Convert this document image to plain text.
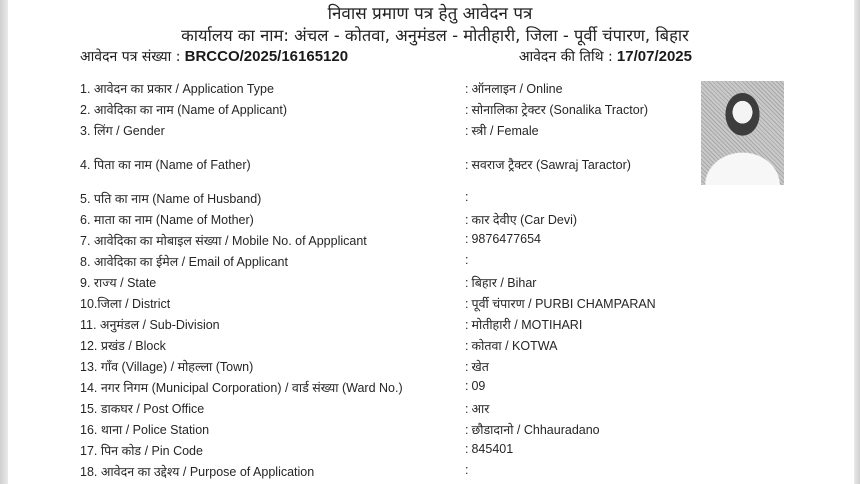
निवास प्रमाण पत्र हेतु आवेदन पत्र
कार्यालय का नाम: अंचल - कोतवा, अनुमंडल - मोतीहारी, जिला - पूर्वी चंपारण, बिहार
आवेदन पत्र संख्या : BRCCO/2025/16165120	आवेदन की तिथि : 17/07/2025
1. आवेदन का प्रकार / Application Type	: ऑनलाइन / Online
2. आवेदिका का नाम (Name of Applicant)	: सोनालिका ट्रेक्टर (Sonalika Tractor)
3. लिंग / Gender	: स्त्री / Female
4. पिता का नाम (Name of Father)	: सवराज ट्रैक्टर (Sawraj Taractor)
5. पति का नाम (Name of Husband)	:
6. माता का नाम (Name of Mother)	: कार देवीए (Car Devi)
7. आवेदिका का मोबाइल संख्या / Mobile No. of Appplicant	: 9876477654
8. आवेदिका का ईमेल / Email of Applicant	:
9. राज्य / State	: बिहार / Bihar
10.जिला / District	: पूर्वी चंपारण / PURBI CHAMPARAN
11. अनुमंडल / Sub-Division	: मोतीहारी / MOTIHARI
12. प्रखंड / Block	: कोतवा / KOTWA
13. गाँव (Village) / मोहल्ला (Town)	: खेत
14. नगर निगम (Municipal Corporation) / वार्ड संख्या (Ward No.)	: 09
15. डाकघर / Post Office	: आर
16. थाना / Police Station	: छौडादानो / Chhauradano
17. पिन कोड / Pin Code	: 845401
18. आवेदन का उद्देश्य / Purpose of Application	:
